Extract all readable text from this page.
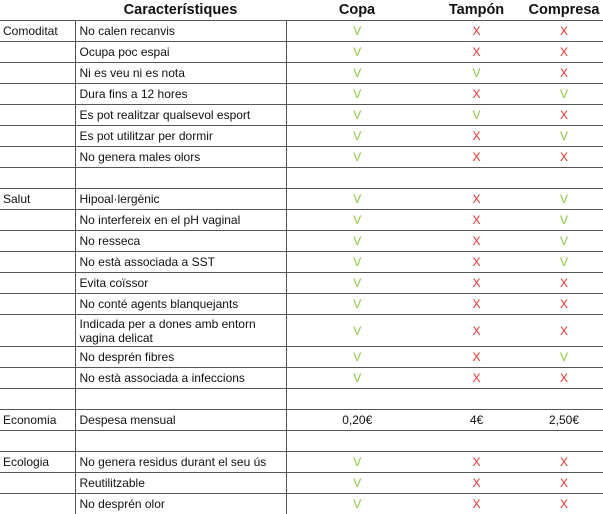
	Característiques	Copa	Tampón	Compresa
Comoditat	No calen recanvis	V	X	X
	Ocupa poc espai	V	X	X
	Ni es veu ni es nota	V	V	X
	Dura fins a 12 hores	V	X	V
	Es pot realitzar qualsevol esport	V	V	X
	Es pot utilitzar per dormir	V	X	V
	No genera males olors	V	X	X

Salut	Hipoal·lergènic	V	X	V
	No interfereix en el pH vaginal	V	X	V
	No resseca	V	X	V
	No està associada a SST	V	X	V
	Evita coïssor	V	X	X
	No conté agents blanquejants	V	X	X
	Indicada per a dones amb entorn vagina delicat	V	X	X
	No desprén fibres	V	X	V
	No està associada a infeccions	V	X	X

Economia	Despesa mensual	0,20€	4€	2,50€

Ecologia	No genera residus durant el seu ús	V	X	X
	Reutilitzable	V	X	X
	No desprén olor	V	X	X
